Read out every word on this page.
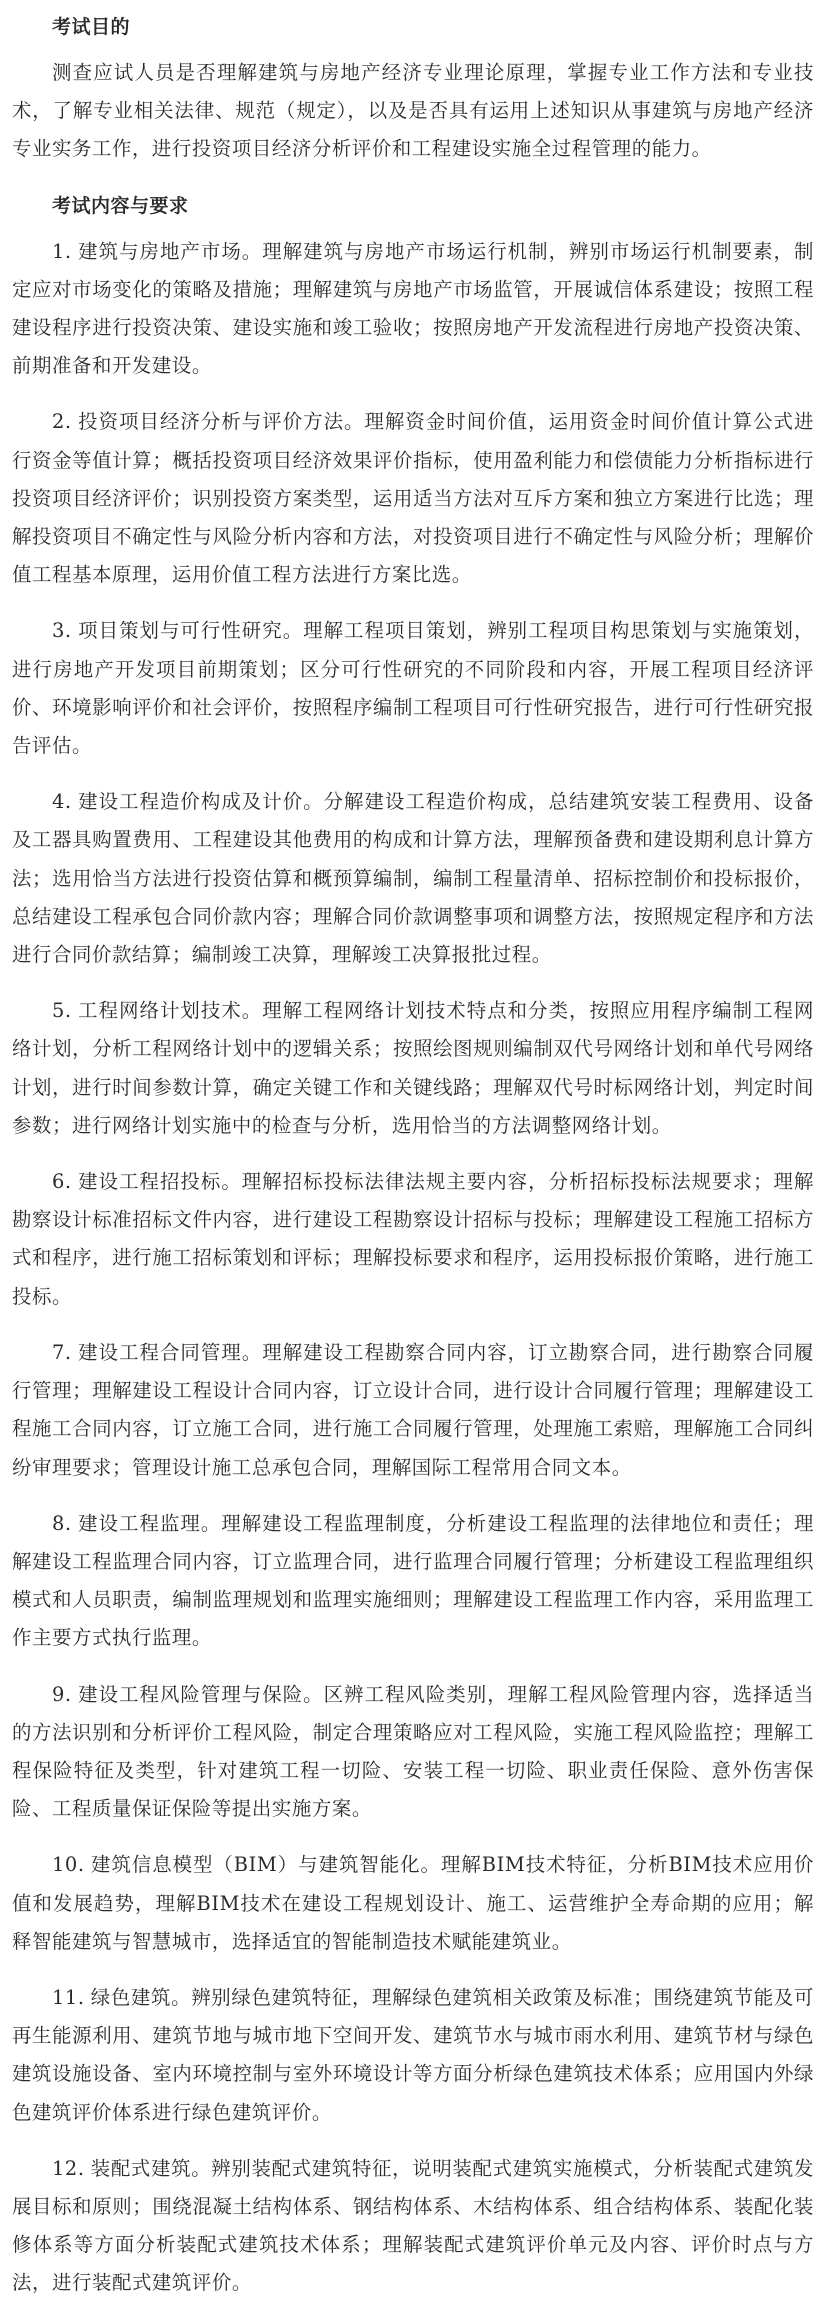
考试目的

测查应试人员是否理解建筑与房地产经济专业理论原理，掌握专业工作方法和专业技术，了解专业相关法律、规范（规定），以及是否具有运用上述知识从事建筑与房地产经济专业实务工作，进行投资项目经济分析评价和工程建设实施全过程管理的能力。

考试内容与要求

1. 建筑与房地产市场。理解建筑与房地产市场运行机制，辨别市场运行机制要素，制定应对市场变化的策略及措施；理解建筑与房地产市场监管，开展诚信体系建设；按照工程建设程序进行投资决策、建设实施和竣工验收；按照房地产开发流程进行房地产投资决策、前期准备和开发建设。

2. 投资项目经济分析与评价方法。理解资金时间价值，运用资金时间价值计算公式进行资金等值计算；概括投资项目经济效果评价指标，使用盈利能力和偿债能力分析指标进行投资项目经济评价；识别投资方案类型，运用适当方法对互斥方案和独立方案进行比选；理解投资项目不确定性与风险分析内容和方法，对投资项目进行不确定性与风险分析；理解价值工程基本原理，运用价值工程方法进行方案比选。

3. 项目策划与可行性研究。理解工程项目策划，辨别工程项目构思策划与实施策划，进行房地产开发项目前期策划；区分可行性研究的不同阶段和内容，开展工程项目经济评价、环境影响评价和社会评价，按照程序编制工程项目可行性研究报告，进行可行性研究报告评估。

4. 建设工程造价构成及计价。分解建设工程造价构成，总结建筑安装工程费用、设备及工器具购置费用、工程建设其他费用的构成和计算方法，理解预备费和建设期利息计算方法；选用恰当方法进行投资估算和概预算编制，编制工程量清单、招标控制价和投标报价，总结建设工程承包合同价款内容；理解合同价款调整事项和调整方法，按照规定程序和方法进行合同价款结算；编制竣工决算，理解竣工决算报批过程。

5. 工程网络计划技术。理解工程网络计划技术特点和分类，按照应用程序编制工程网络计划，分析工程网络计划中的逻辑关系；按照绘图规则编制双代号网络计划和单代号网络计划，进行时间参数计算，确定关键工作和关键线路；理解双代号时标网络计划，判定时间参数；进行网络计划实施中的检查与分析，选用恰当的方法调整网络计划。

6. 建设工程招投标。理解招标投标法律法规主要内容，分析招标投标法规要求；理解勘察设计标准招标文件内容，进行建设工程勘察设计招标与投标；理解建设工程施工招标方式和程序，进行施工招标策划和评标；理解投标要求和程序，运用投标报价策略，进行施工投标。

7. 建设工程合同管理。理解建设工程勘察合同内容，订立勘察合同，进行勘察合同履行管理；理解建设工程设计合同内容，订立设计合同，进行设计合同履行管理；理解建设工程施工合同内容，订立施工合同，进行施工合同履行管理，处理施工索赔，理解施工合同纠纷审理要求；管理设计施工总承包合同，理解国际工程常用合同文本。

8. 建设工程监理。理解建设工程监理制度，分析建设工程监理的法律地位和责任；理解建设工程监理合同内容，订立监理合同，进行监理合同履行管理；分析建设工程监理组织模式和人员职责，编制监理规划和监理实施细则；理解建设工程监理工作内容，采用监理工作主要方式执行监理。

9. 建设工程风险管理与保险。区辨工程风险类别，理解工程风险管理内容，选择适当的方法识别和分析评价工程风险，制定合理策略应对工程风险，实施工程风险监控；理解工程保险特征及类型，针对建筑工程一切险、安装工程一切险、职业责任保险、意外伤害保险、工程质量保证保险等提出实施方案。

10. 建筑信息模型（BIM）与建筑智能化。理解BIM技术特征，分析BIM技术应用价值和发展趋势，理解BIM技术在建设工程规划设计、施工、运营维护全寿命期的应用；解释智能建筑与智慧城市，选择适宜的智能制造技术赋能建筑业。

11. 绿色建筑。辨别绿色建筑特征，理解绿色建筑相关政策及标准；围绕建筑节能及可再生能源利用、建筑节地与城市地下空间开发、建筑节水与城市雨水利用、建筑节材与绿色建筑设施设备、室内环境控制与室外环境设计等方面分析绿色建筑技术体系；应用国内外绿色建筑评价体系进行绿色建筑评价。

12. 装配式建筑。辨别装配式建筑特征，说明装配式建筑实施模式，分析装配式建筑发展目标和原则；围绕混凝土结构体系、钢结构体系、木结构体系、组合结构体系、装配化装修体系等方面分析装配式建筑技术体系；理解装配式建筑评价单元及内容、评价时点与方法，进行装配式建筑评价。
